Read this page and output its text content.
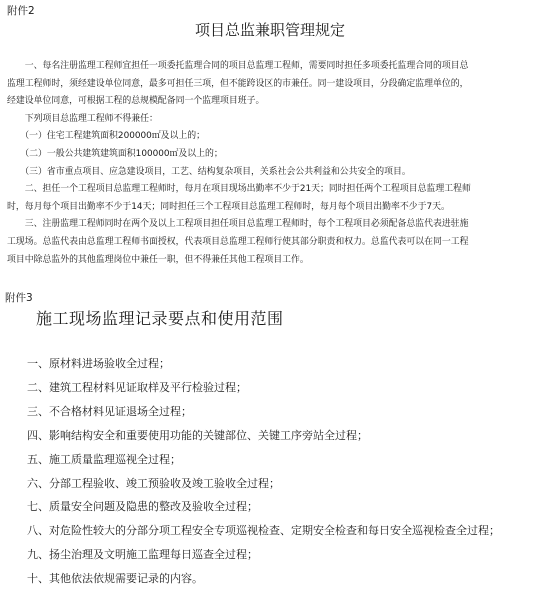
附件2
项目总监兼职管理规定

　　一、每名注册监理工程师宜担任一项委托监理合同的项目总监理工程师，需要同时担任多项委托监理合同的项目总

监理工程师时，须经建设单位同意，最多可担任三项，但不能跨设区的市兼任。同一建设项目，分段确定监理单位的，

经建设单位同意，可根据工程的总规模配备同一个监理项目班子。

　　下列项目总监理工程师不得兼任：

　　（一）住宅工程建筑面积200000㎡及以上的；

　　（二）一般公共建筑建筑面积100000㎡及以上的；

　　（三）省市重点项目、应急建设项目，工艺、结构复杂项目，关系社会公共利益和公共安全的项目。

　　二、担任一个工程项目总监理工程师时，每月在项目现场出勤率不少于21天；同时担任两个工程项目总监理工程师

时，每月每个项目出勤率不少于14天；同时担任三个工程项目总监理工程师时，每月每个项目出勤率不少于7天。

　　三、注册监理工程师同时在两个及以上工程项目担任项目总监理工程师时，每个工程项目必须配备总监代表进驻施

工现场。总监代表由总监理工程师书面授权，代表项目总监理工程师行使其部分职责和权力。总监代表可以在同一工程

项目中除总监外的其他监理岗位中兼任一职，但不得兼任其他工程项目工作。

附件3
施工现场监理记录要点和使用范围
一、原材料进场验收全过程；
二、建筑工程材料见证取样及平行检验过程；
三、不合格材料见证退场全过程；
四、影响结构安全和重要使用功能的关键部位、关键工序旁站全过程；
五、施工质量监理巡视全过程；
六、分部工程验收、竣工预验收及竣工验收全过程；
七、质量安全问题及隐患的整改及验收全过程；
八、对危险性较大的分部分项工程安全专项巡视检查、定期安全检查和每日安全巡视检查全过程；
九、扬尘治理及文明施工监理每日巡查全过程；
十、其他依法依规需要记录的内容。
